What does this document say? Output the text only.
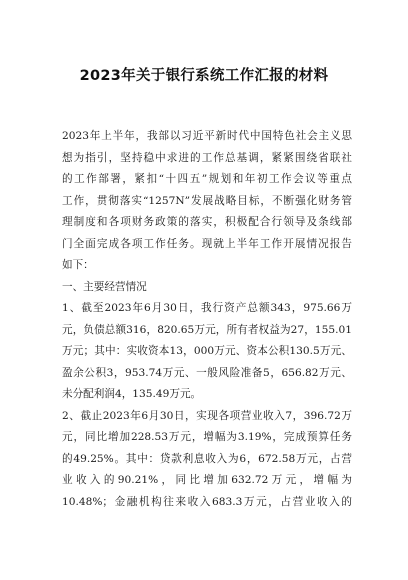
2023年关于银行系统工作汇报的材料
2023年上半年，我部以习近平新时代中国特色社会主义思
想为指引，坚持稳中求进的工作总基调，紧紧围绕省联社
的工作部署，紧扣“十四五”规划和年初工作会议等重点
工作，贯彻落实“1257N”发展战略目标，不断强化财务管
理制度和各项财务政策的落实，积极配合行领导及条线部
门全面完成各项工作任务。现就上半年工作开展情况报告
如下：
一、主要经营情况
1、截至2023年6月30日，我行资产总额343，975.66万
元，负债总额316，820.65万元，所有者权益为27，155.01
万元；其中：实收资本13，000万元、资本公积130.5万元、
盈余公积3，953.74万元、一般风险准备5，656.82万元、
未分配利润4，135.49万元。
2、截止2023年6月30日，实现各项营业收入7，396.72万
元，同比增加228.53万元，增幅为3.19%，完成预算任务
的49.25%。其中：贷款利息收入为6，672.58万元，占营
业收入的90.21%，同比增加632.72万元，增幅为
10.48%；金融机构往来收入683.3万元，占营业收入的
